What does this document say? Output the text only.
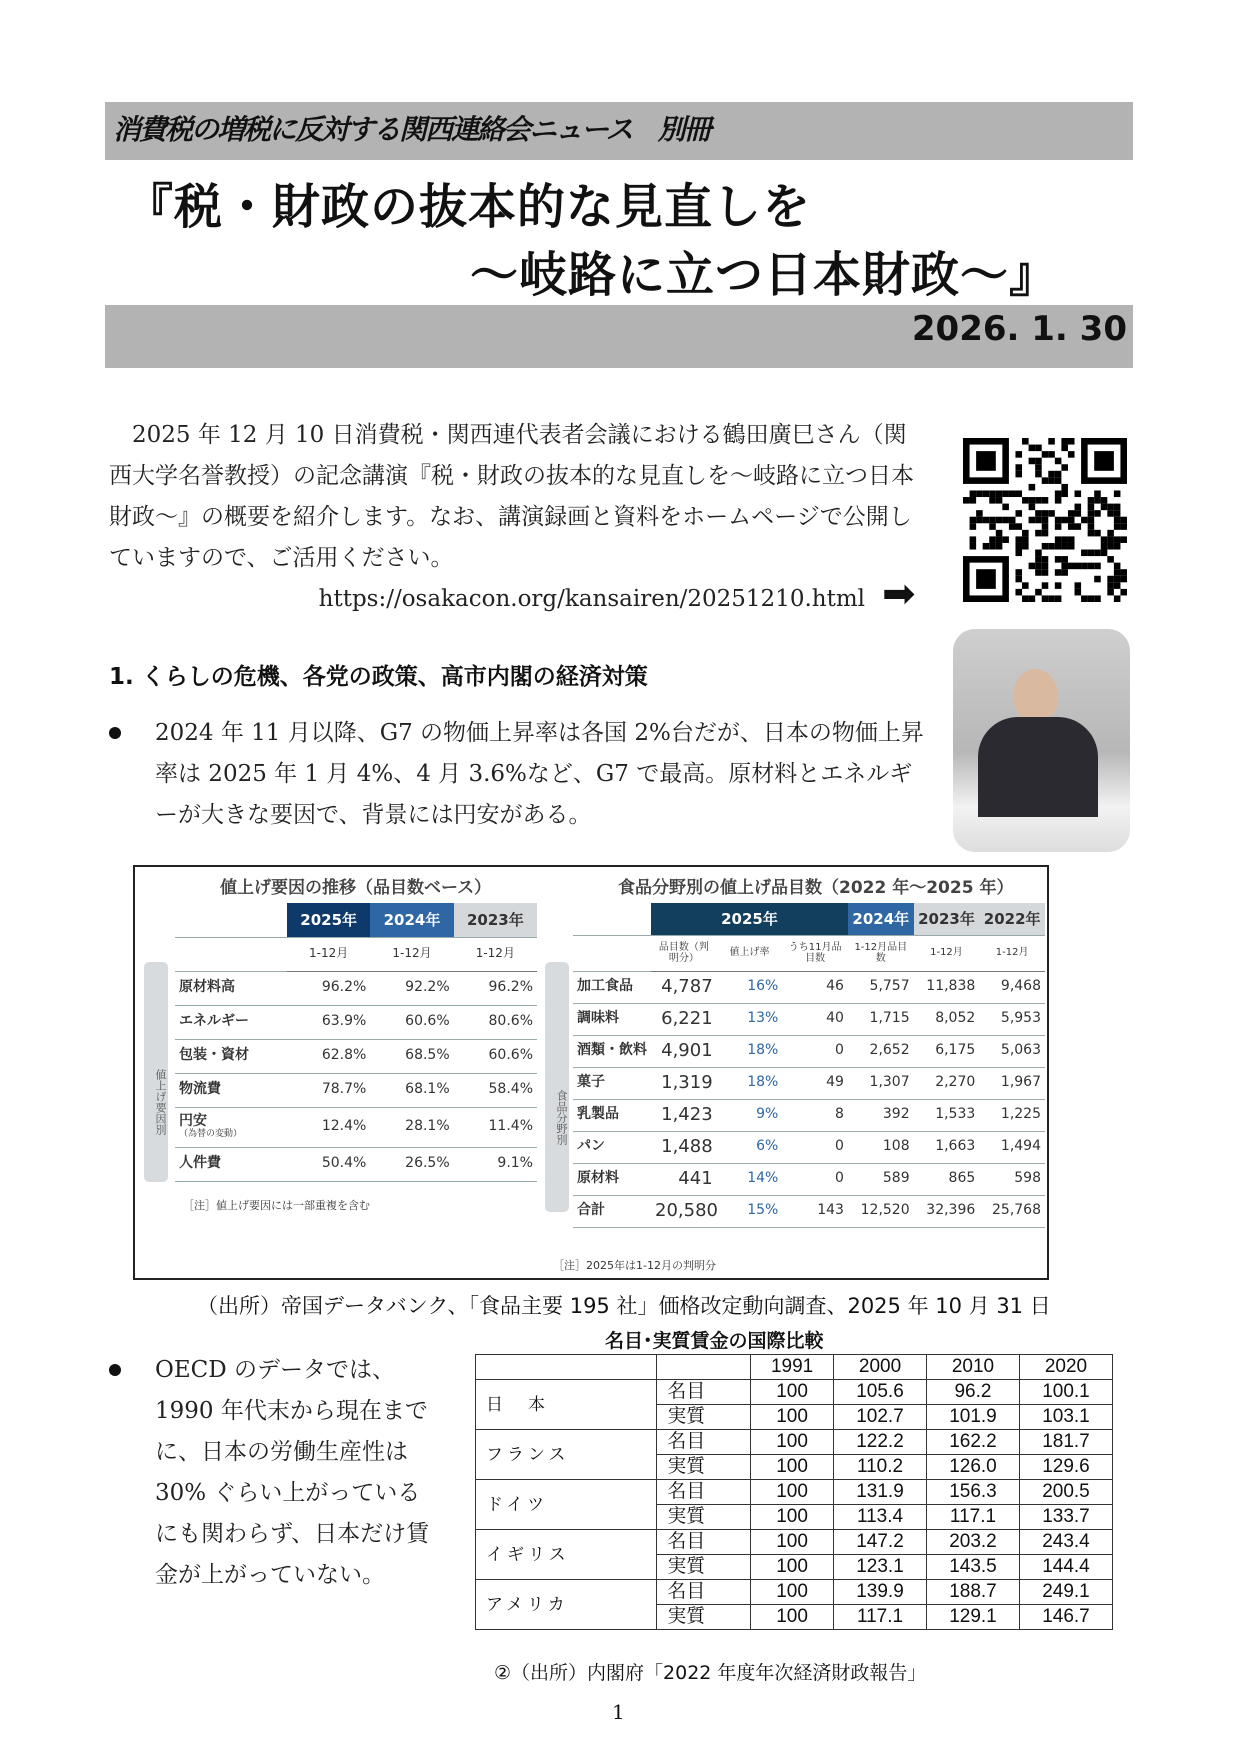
消費税の増税に反対する関西連絡会ニュース　別冊
『税・財政の抜本的な見直しを
～岐路に立つ日本財政～』
2026. 1. 30

2025 年 12 月 10 日消費税・関西連代表者会議における鶴田廣巳さん（関西大学名誉教授）の記念講演『税・財政の抜本的な見直しを～岐路に立つ日本財政～』の概要を紹介します。なお、講演録画と資料をホームページで公開していますので、ご活用ください。

https://osakacon.org/kansairen/20251210.html ➡
1. くらしの危機、各党の政策、高市内閣の経済対策
2024 年 11 月以降、G7 の物価上昇率は各国 2%台だが、日本の物価上昇率は 2025 年 1 月 4%、4 月 3.6%など、G7 で最高。原材料とエネルギーが大きな要因で、背景には円安がある。
値上げ要因の推移（品目数ベース）
値上げ要因別
	2025年	2024年	2023年
	1-12月	1-12月	1-12月
原材料高	96.2%	92.2%	96.2%
エネルギー	63.9%	60.6%	80.6%
包装・資材	62.8%	68.5%	60.6%
物流費	78.7%	68.1%	58.4%

円安
（為替の変動）	12.4%	28.1%	11.4%
人件費	50.4%	26.5%	9.1%
［注］値上げ要因には一部重複を含む
食品分野別の値上げ品目数（2022 年～2025 年）
食品分野別
	2025年			2024年	2023年	2022年
	品目数（判明分）	値上げ率	うち11月品目数	1-12月品目数	1-12月	1-12月
加工食品	4,787	16%	46	5,757	11,838	9,468
調味料	6,221	13%	40	1,715	8,052	5,953
酒類・飲料	4,901	18%	0	2,652	6,175	5,063
菓子	1,319	18%	49	1,307	2,270	1,967
乳製品	1,423	9%	8	392	1,533	1,225
パン	1,488	6%	0	108	1,663	1,494
原材料	441	14%	0	589	865	598
合計	20,580	15%	143	12,520	32,396	25,768
［注］2025年は1-12月の判明分
（出所）帝国データバンク、「食品主要 195 社」価格改定動向調査、2025 年 10 月 31 日
OECD のデータでは、1990 年代末から現在までに、日本の労働生産性は 30% ぐらい上がっているにも関わらず、日本だけ賃金が上がっていない。
名目･実質賃金の国際比較
		1991	2000	2010	2020
日　本	名目	100	105.6	96.2	100.1
	実質	100	102.7	101.9	103.1
フランス	名目	100	122.2	162.2	181.7
	実質	100	110.2	126.0	129.6
ドイツ	名目	100	131.9	156.3	200.5
	実質	100	113.4	117.1	133.7
イギリス	名目	100	147.2	203.2	243.4
	実質	100	123.1	143.5	144.4
アメリカ	名目	100	139.9	188.7	249.1
	実質	100	117.1	129.1	146.7
②（出所）内閣府「2022 年度年次経済財政報告」
1
